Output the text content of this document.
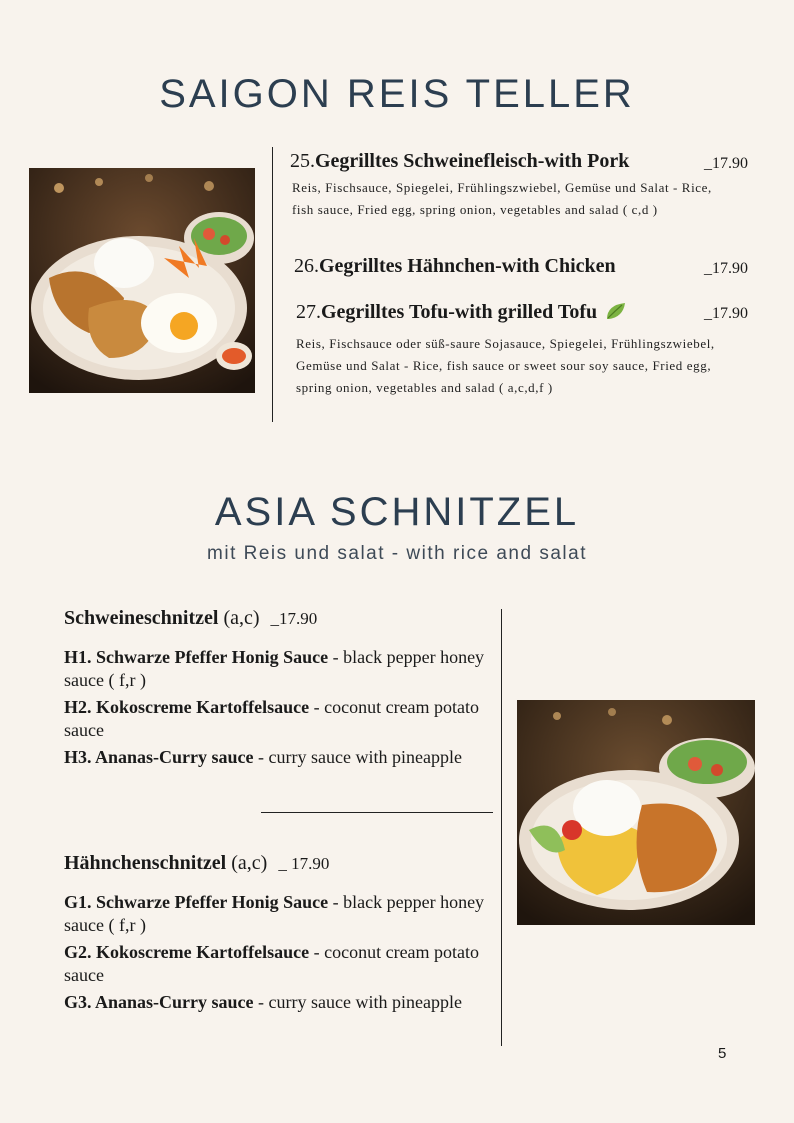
SAIGON REIS TELLER
25.Gegrilltes Schweinefleisch-with Pork	_17.90
Reis, Fischsauce, Spiegelei, Frühlingszwiebel, Gemüse und Salat - Rice, fish sauce, Fried egg, spring onion, vegetables and salad ( c,d )
26.Gegrilltes Hähnchen-with Chicken	_17.90
27.Gegrilltes Tofu-with grilled Tofu	_17.90
Reis, Fischsauce oder süß-saure Sojasauce, Spiegelei, Frühlingszwiebel, Gemüse und Salat - Rice, fish sauce or sweet sour soy sauce, Fried egg, spring onion, vegetables and salad ( a,c,d,f )
ASIA SCHNITZEL
mit Reis und salat - with rice and salat
Schweineschnitzel (a,c) _17.90
H1. Schwarze Pfeffer Honig Sauce - black pepper honey sauce ( f,r )
H2. Kokoscreme Kartoffelsauce - coconut cream potato sauce
H3. Ananas-Curry sauce - curry sauce with pineapple
Hähnchenschnitzel (a,c) _ 17.90
G1. Schwarze Pfeffer Honig Sauce - black pepper honey sauce ( f,r )
G2. Kokoscreme Kartoffelsauce - coconut cream potato sauce
G3. Ananas-Curry sauce - curry sauce with pineapple
5
